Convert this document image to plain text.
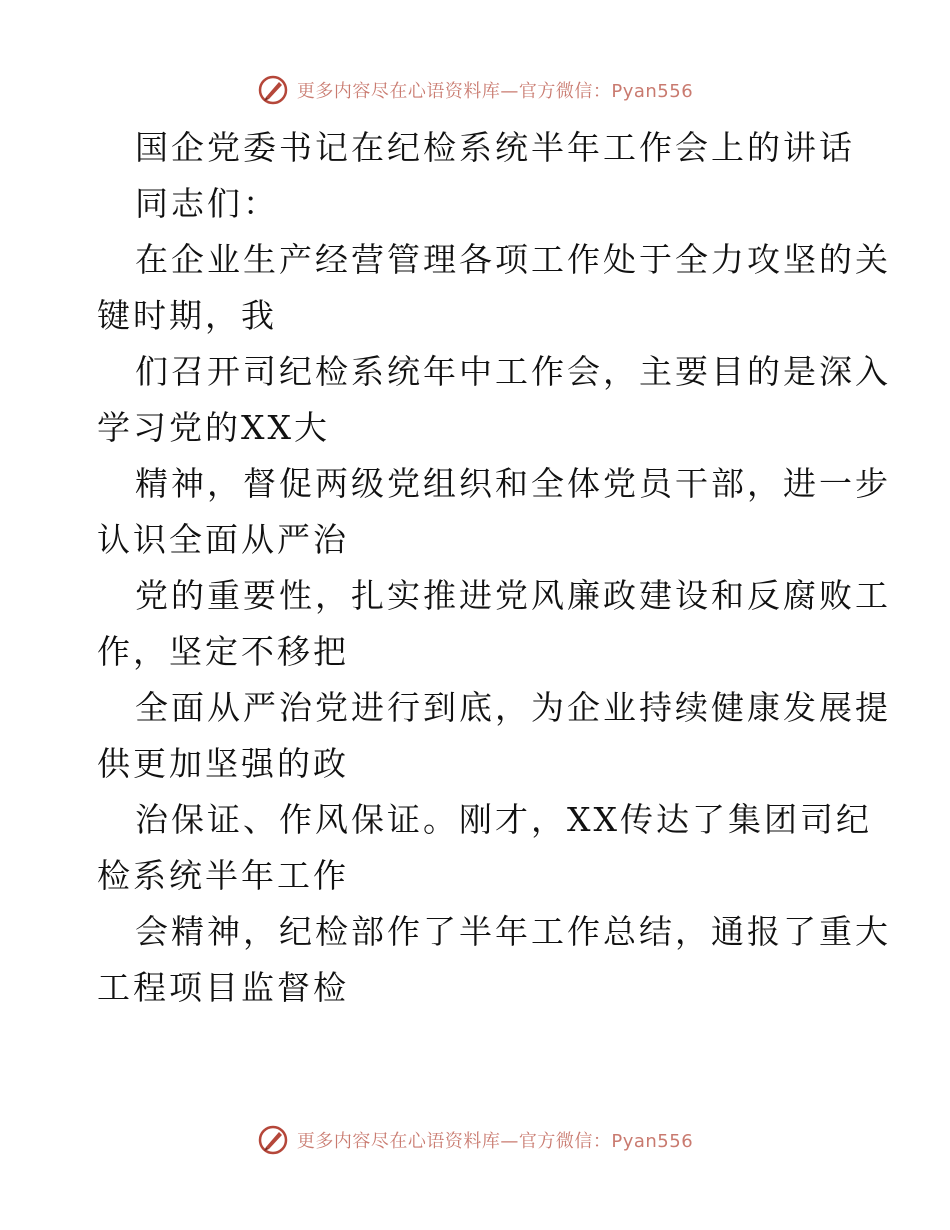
更多内容尽在心语资料库—官方微信：Pyan556
国企党委书记在纪检系统半年工作会上的讲话
同志们：
在企业生产经营管理各项工作处于全力攻坚的关
键时期，我
们召开司纪检系统年中工作会，主要目的是深入
学习党的XX大
精神，督促两级党组织和全体党员干部，进一步
认识全面从严治
党的重要性，扎实推进党风廉政建设和反腐败工
作，坚定不移把
全面从严治党进行到底，为企业持续健康发展提
供更加坚强的政
治保证、作风保证。刚才，XX传达了集团司纪
检系统半年工作
会精神，纪检部作了半年工作总结，通报了重大
工程项目监督检
更多内容尽在心语资料库—官方微信：Pyan556
